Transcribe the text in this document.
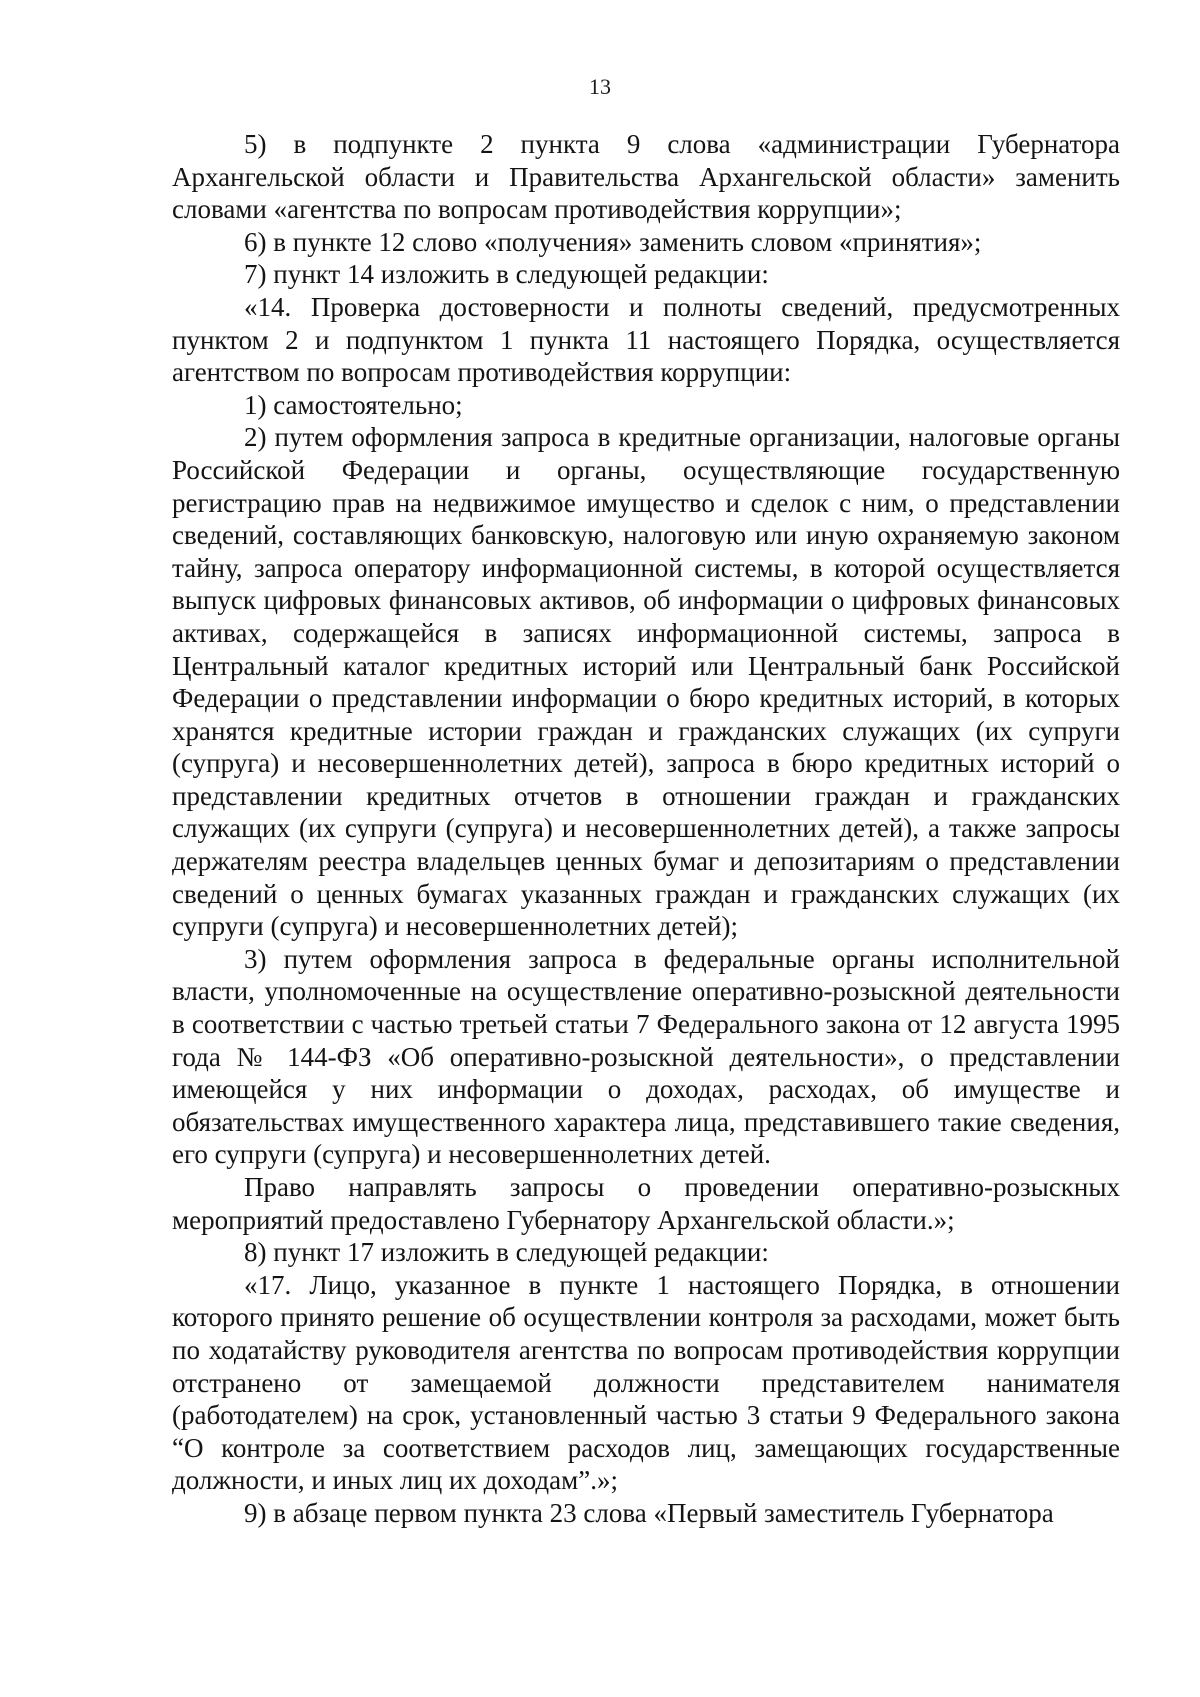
13

5) в подпункте 2 пункта 9 слова «администрации Губернатора Архангельской области и Правительства Архангельской области» заменить словами «агентства по вопросам противодействия коррупции»;

6) в пункте 12 слово «получения» заменить словом «принятия»;

7) пункт 14 изложить в следующей редакции:

«14. Проверка достоверности и полноты сведений, предусмотренных пунктом 2 и подпунктом 1 пункта 11 настоящего Порядка, осуществляется агентством по вопросам противодействия коррупции:

1) самостоятельно;

2) путем оформления запроса в кредитные организации, налоговые органы Российской Федерации и органы, осуществляющие государственную регистрацию прав на недвижимое имущество и сделок с ним, о представлении сведений, составляющих банковскую, налоговую или иную охраняемую законом тайну, запроса оператору информационной системы, в которой осуществляется выпуск цифровых финансовых активов, об информации о цифровых финансовых активах, содержащейся в записях информационной системы, запроса в Центральный каталог кредитных историй или Центральный банк Российской Федерации о представлении информации о бюро кредитных историй, в которых хранятся кредитные истории граждан и гражданских служащих (их супруги (супруга) и несовершеннолетних детей), запроса в бюро кредитных историй о представлении кредитных отчетов в отношении граждан и гражданских служащих (их супруги (супруга) и несовершеннолетних детей), а также запросы держателям реестра владельцев ценных бумаг и депозитариям о представлении сведений о ценных бумагах указанных граждан и гражданских служащих (их супруги (супруга) и несовершеннолетних детей);

3) путем оформления запроса в федеральные органы исполнительной власти, уполномоченные на осуществление оперативно-розыскной деятельности в соответствии с частью третьей статьи 7 Федерального закона от 12 августа 1995 года № 144-ФЗ «Об оперативно-розыскной деятельности», о представлении имеющейся у них информации о доходах, расходах, об имуществе и обязательствах имущественного характера лица, представившего такие сведения, его супруги (супруга) и несовершеннолетних детей.

Право направлять запросы о проведении оперативно-розыскных мероприятий предоставлено Губернатору Архангельской области.»;

8) пункт 17 изложить в следующей редакции:

«17. Лицо, указанное в пункте 1 настоящего Порядка, в отношении которого принято решение об осуществлении контроля за расходами, может быть по ходатайству руководителя агентства по вопросам противодействия коррупции отстранено от замещаемой должности представителем нанимателя (работодателем) на срок, установленный частью 3 статьи 9 Федерального закона “О контроле за соответствием расходов лиц, замещающих государственные должности, и иных лиц их доходам”.»;

9) в абзаце первом пункта 23 слова «Первый заместитель Губернатора
